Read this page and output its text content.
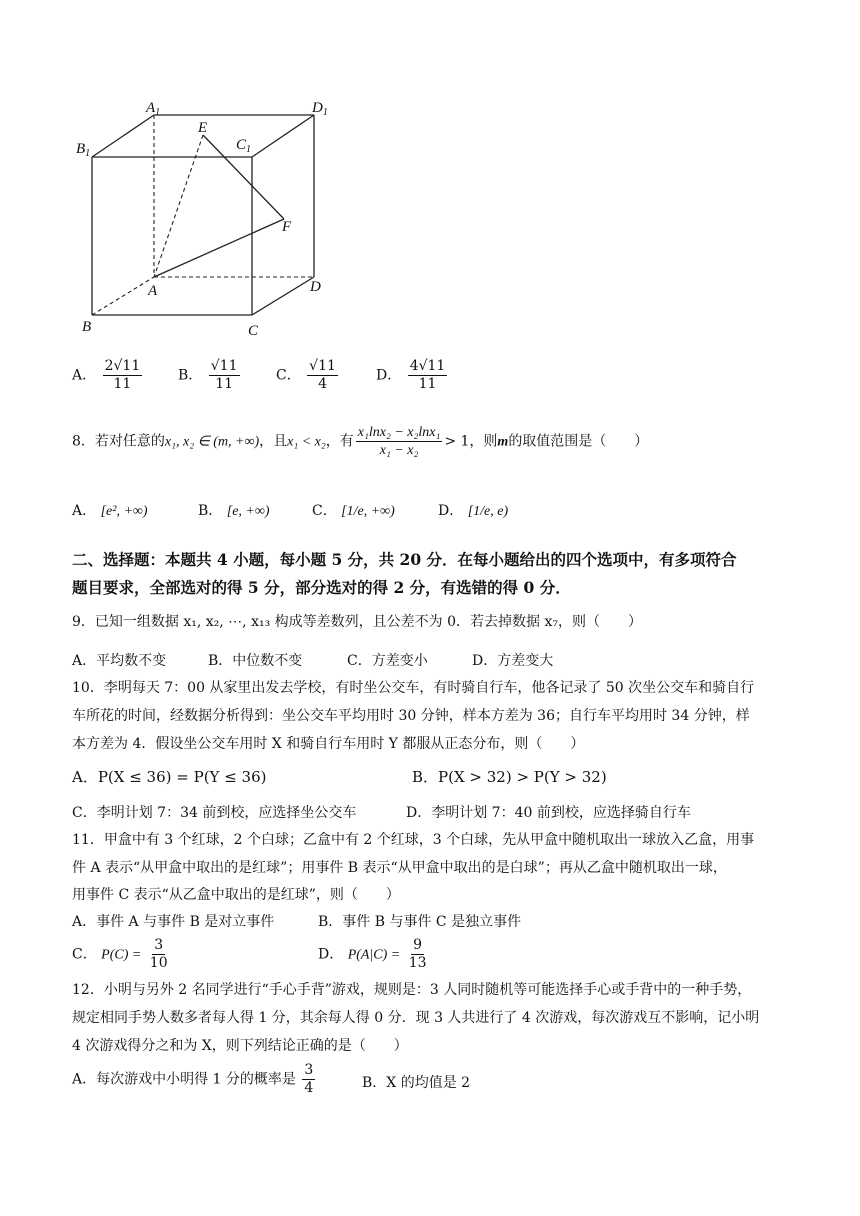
$A_1$	$D_1$
$B_1$
$C_1$
E
F
A	D
B	C
A． $\frac{2√11}{11}$	B． $\frac{√11}{11}$	C． $\frac{√11}{4}$	D． $\frac{4√11}{11}$
8．若对任意的x₁, x₂ ∈ (m, +∞)，且x₁ < x₂，有 $\frac{\text{x₁lnx₂ − x₂lnx₁}}{\text{x₁ − x₂}} > 1$，则m的取值范围是（　　）
A． [e², +∞)	B． [e, +∞)	C． [1/e, +∞)	D． [1/e, e)
二、选择题：本题共 4 小题，每小题 5 分，共 20 分．在每小题给出的四个选项中，有多项符合
题目要求，全部选对的得 5 分，部分选对的得 2 分，有选错的得 0 分．
9．已知一组数据 x₁, x₂, ⋯, x₁₃ 构成等差数列，且公差不为 0．若去掉数据 x₇，则（　　）
A．平均数不变	B．中位数不变	C．方差变小	D．方差变大
10．李明每天 7：00 从家里出发去学校，有时坐公交车，有时骑自行车，他各记录了 50 次坐公交车和骑自行
车所花的时间，经数据分析得到：坐公交车平均用时 30 分钟，样本方差为 36；自行车平均用时 34 分钟，样
本方差为 4．假设坐公交车用时 X 和骑自行车用时 Y 都服从正态分布，则（　　）
A．P(X ≤ 36) = P(Y ≤ 36)	B．P(X > 32) > P(Y > 32)
C．李明计划 7：34 前到校，应选择坐公交车	D．李明计划 7：40 前到校，应选择骑自行车
11．甲盒中有 3 个红球，2 个白球；乙盒中有 2 个红球，3 个白球，先从甲盒中随机取出一球放入乙盒，用事
件 A 表示“从甲盒中取出的是红球”；用事件 B 表示“从甲盒中取出的是白球”；再从乙盒中随机取出一球，
用事件 C 表示“从乙盒中取出的是红球”，则（　　）
A．事件 A 与事件 B 是对立事件	B．事件 B 与事件 C 是独立事件
C． $P(C) = \frac{3}{10}$	D． $P(A|C) = \frac{9}{13}$
12．小明与另外 2 名同学进行“手心手背”游戏，规则是：3 人同时随机等可能选择手心或手背中的一种手势，
规定相同手势人数多者每人得 1 分，其余每人得 0 分．现 3 人共进行了 4 次游戏，每次游戏互不影响，记小明
4 次游戏得分之和为 X，则下列结论正确的是（　　）
A．每次游戏中小明得 1 分的概率是 $\frac{3}{4}$	B．X 的均值是 2
